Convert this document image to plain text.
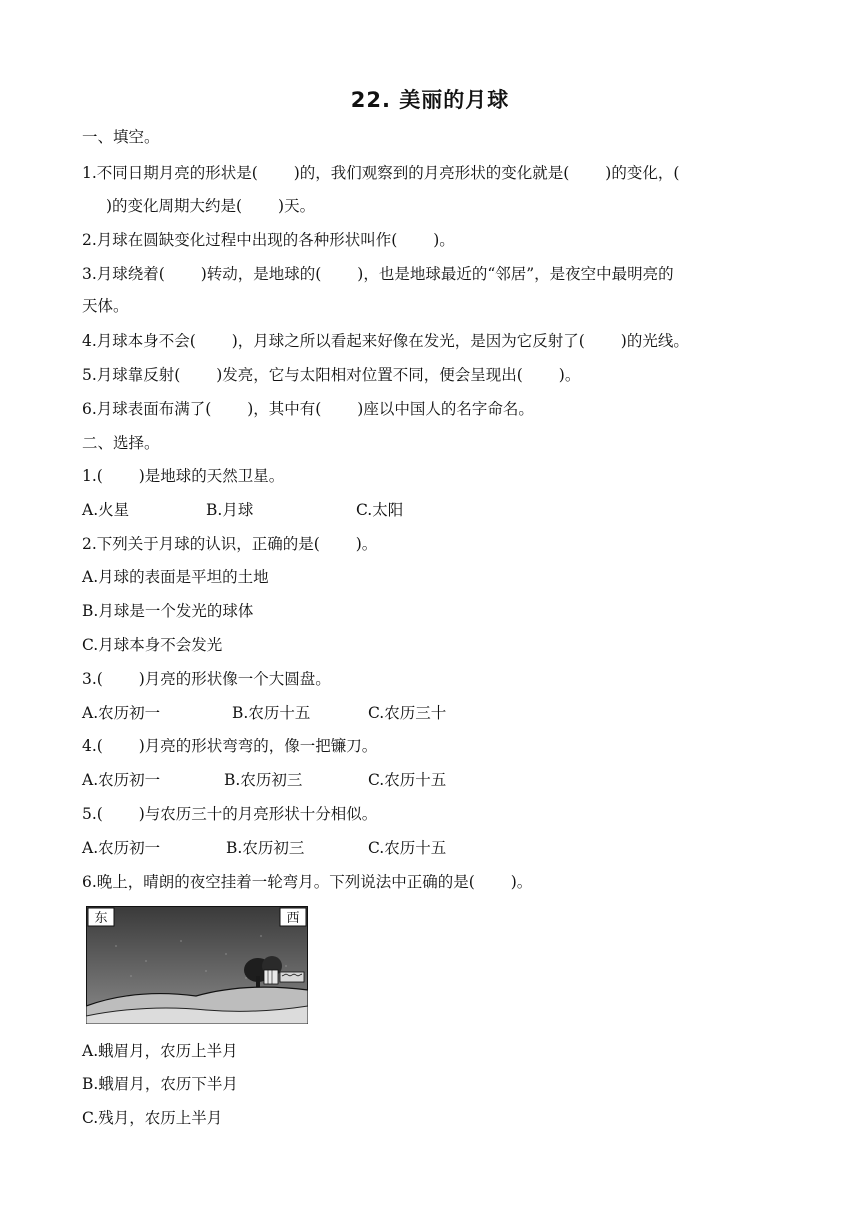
22. 美丽的月球
一、填空。
1.不同日期月亮的形状是(　　 )的，我们观察到的月亮形状的变化就是(　　 )的变化，(
)的变化周期大约是(　　 )天。
2.月球在圆缺变化过程中出现的各种形状叫作(　　 )。
3.月球绕着(　　 )转动，是地球的(　　 )，也是地球最近的“邻居”，是夜空中最明亮的
天体。
4.月球本身不会(　　 )，月球之所以看起来好像在发光，是因为它反射了(　　 )的光线。
5.月球靠反射(　　 )发亮，它与太阳相对位置不同，便会呈现出(　　 )。
6.月球表面布满了(　　 )，其中有(　　 )座以中国人的名字命名。
二、选择。
1.(　　 )是地球的天然卫星。
A.火星	B.月球	C.太阳
2.下列关于月球的认识，正确的是(　　 )。
A.月球的表面是平坦的土地
B.月球是一个发光的球体
C.月球本身不会发光
3.(　　 )月亮的形状像一个大圆盘。
A.农历初一	B.农历十五	C.农历三十
4.(　　 )月亮的形状弯弯的，像一把镰刀。
A.农历初一	B.农历初三	C.农历十五
5.(　　 )与农历三十的月亮形状十分相似。
A.农历初一	B.农历初三	C.农历十五
6.晚上，晴朗的夜空挂着一轮弯月。下列说法中正确的是(　　 )。
东	西
A.蛾眉月，农历上半月
B.蛾眉月，农历下半月
C.残月，农历上半月
